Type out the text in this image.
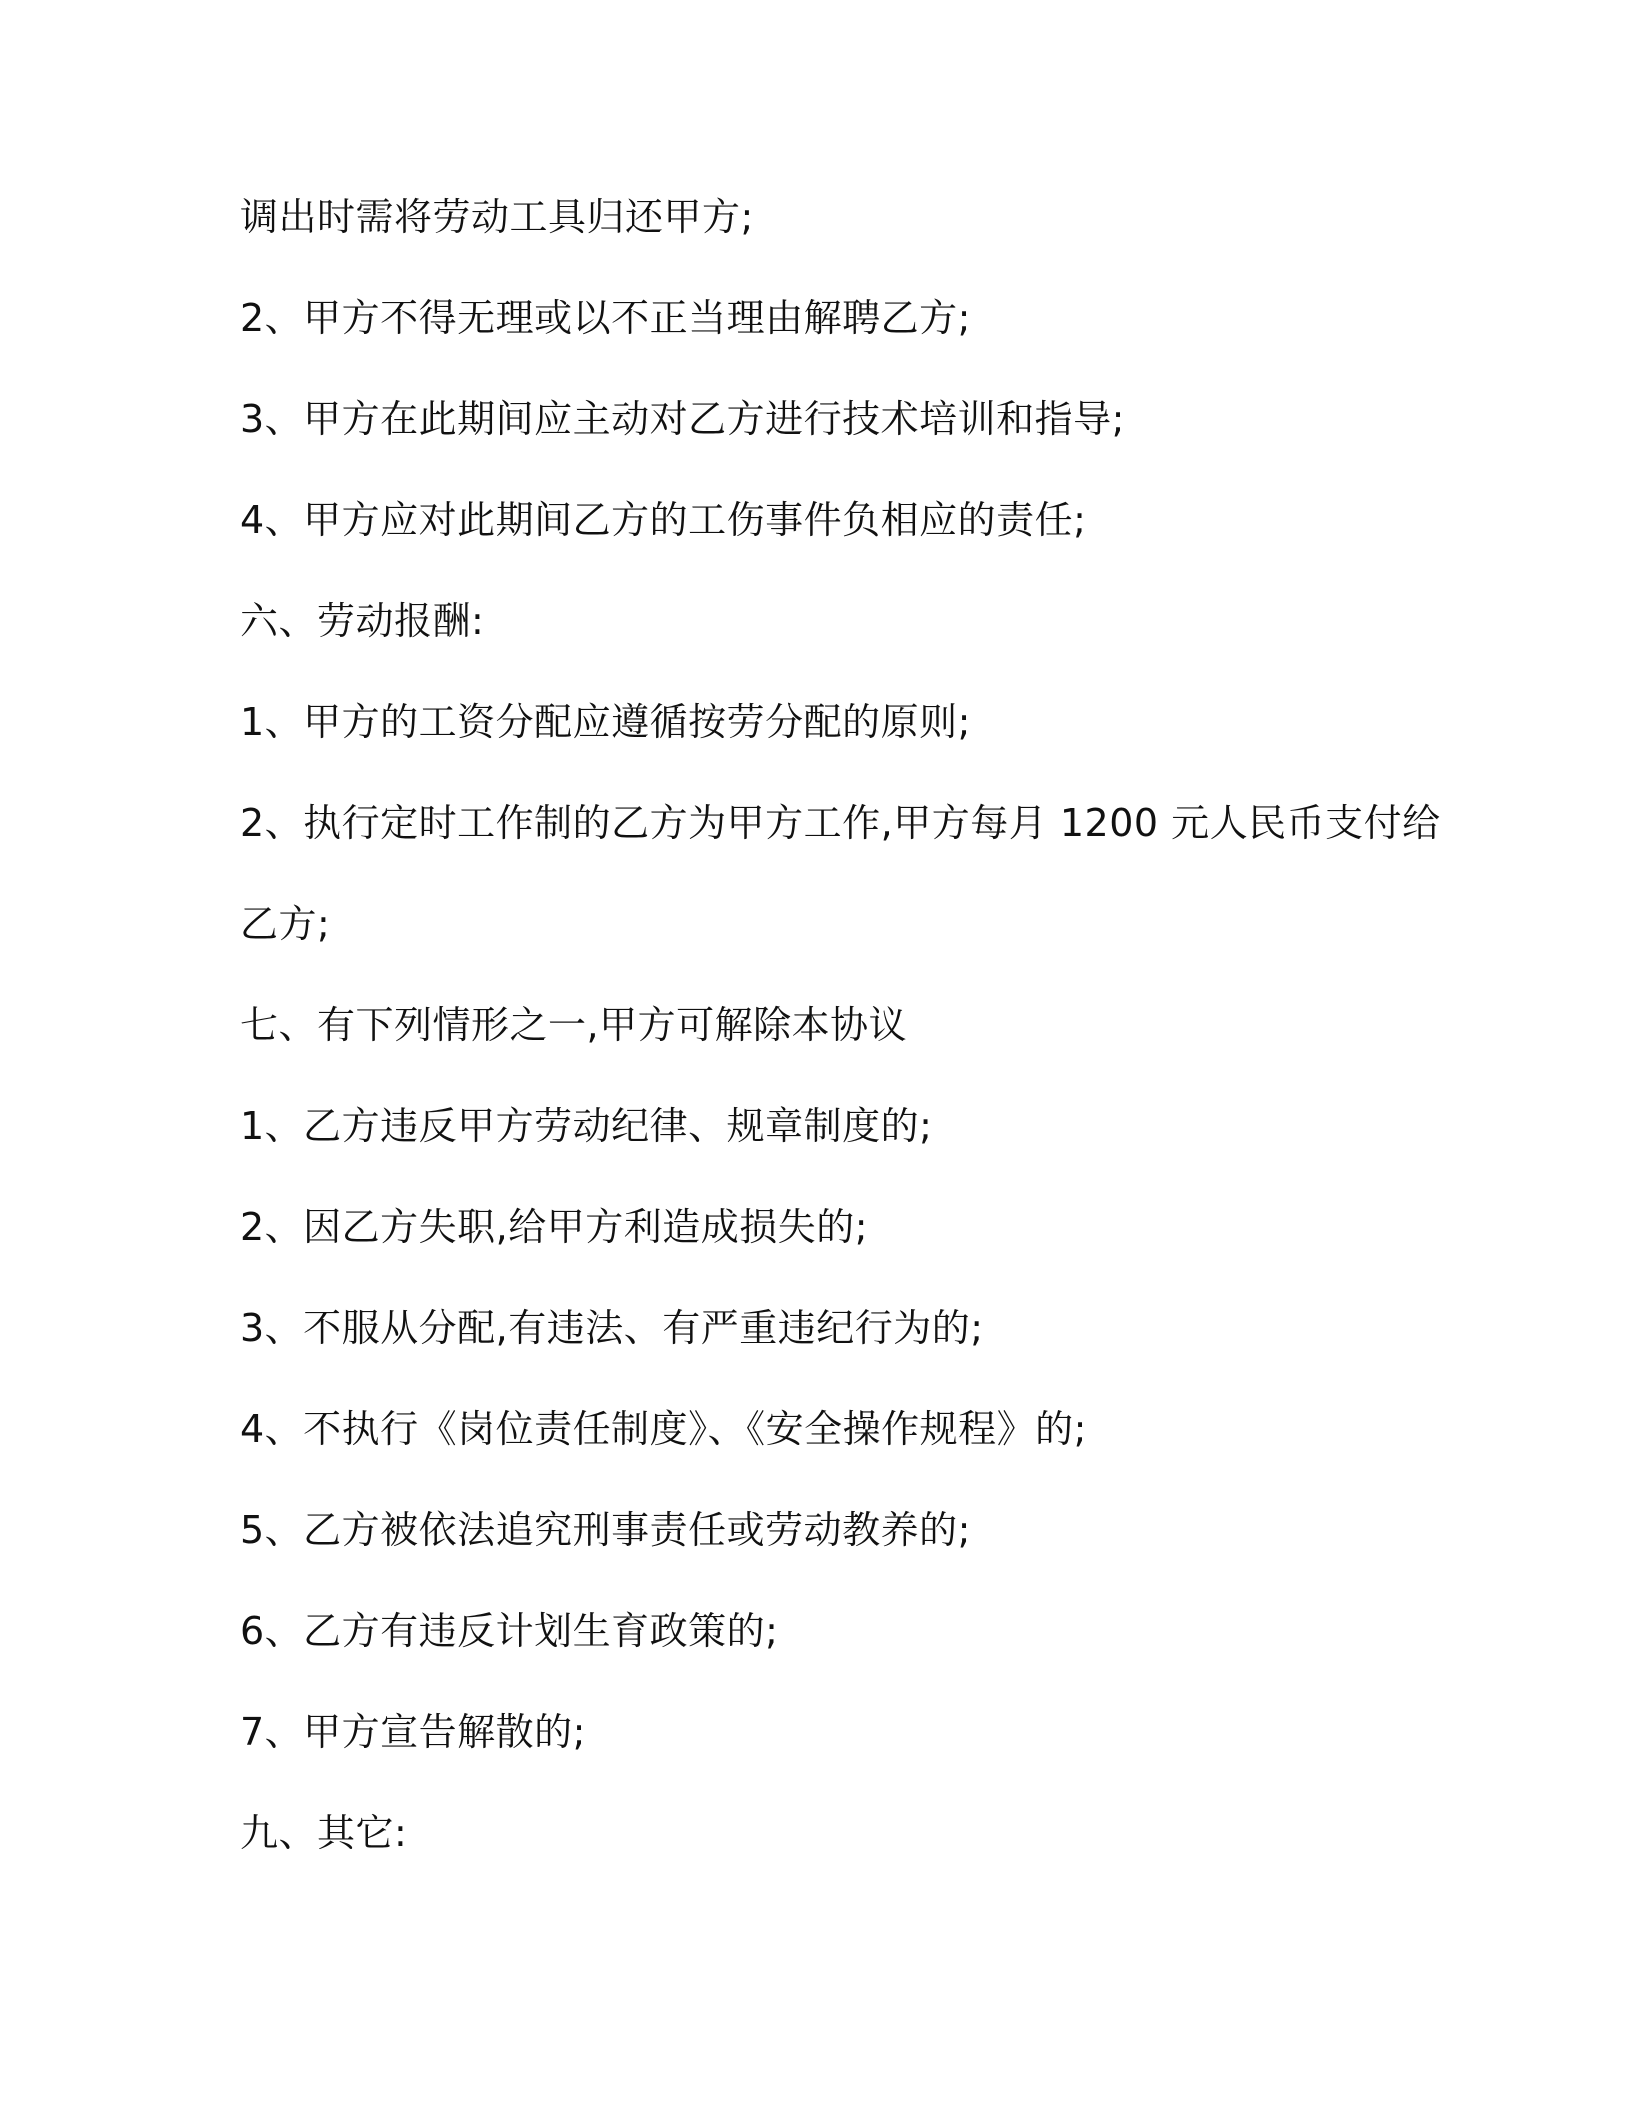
调出时需将劳动工具归还甲方;

2、甲方不得无理或以不正当理由解聘乙方;

3、甲方在此期间应主动对乙方进行技术培训和指导;

4、甲方应对此期间乙方的工伤事件负相应的责任;

六、劳动报酬:

1、甲方的工资分配应遵循按劳分配的原则;

2、执行定时工作制的乙方为甲方工作,甲方每月 1200 元人民币支付给

乙方;

七、有下列情形之一,甲方可解除本协议

1、乙方违反甲方劳动纪律、规章制度的;

2、因乙方失职,给甲方利造成损失的;

3、不服从分配,有违法、有严重违纪行为的;

4、不执行《岗位责任制度》、《安全操作规程》的;

5、乙方被依法追究刑事责任或劳动教养的;

6、乙方有违反计划生育政策的;

7、甲方宣告解散的;

九、其它:
